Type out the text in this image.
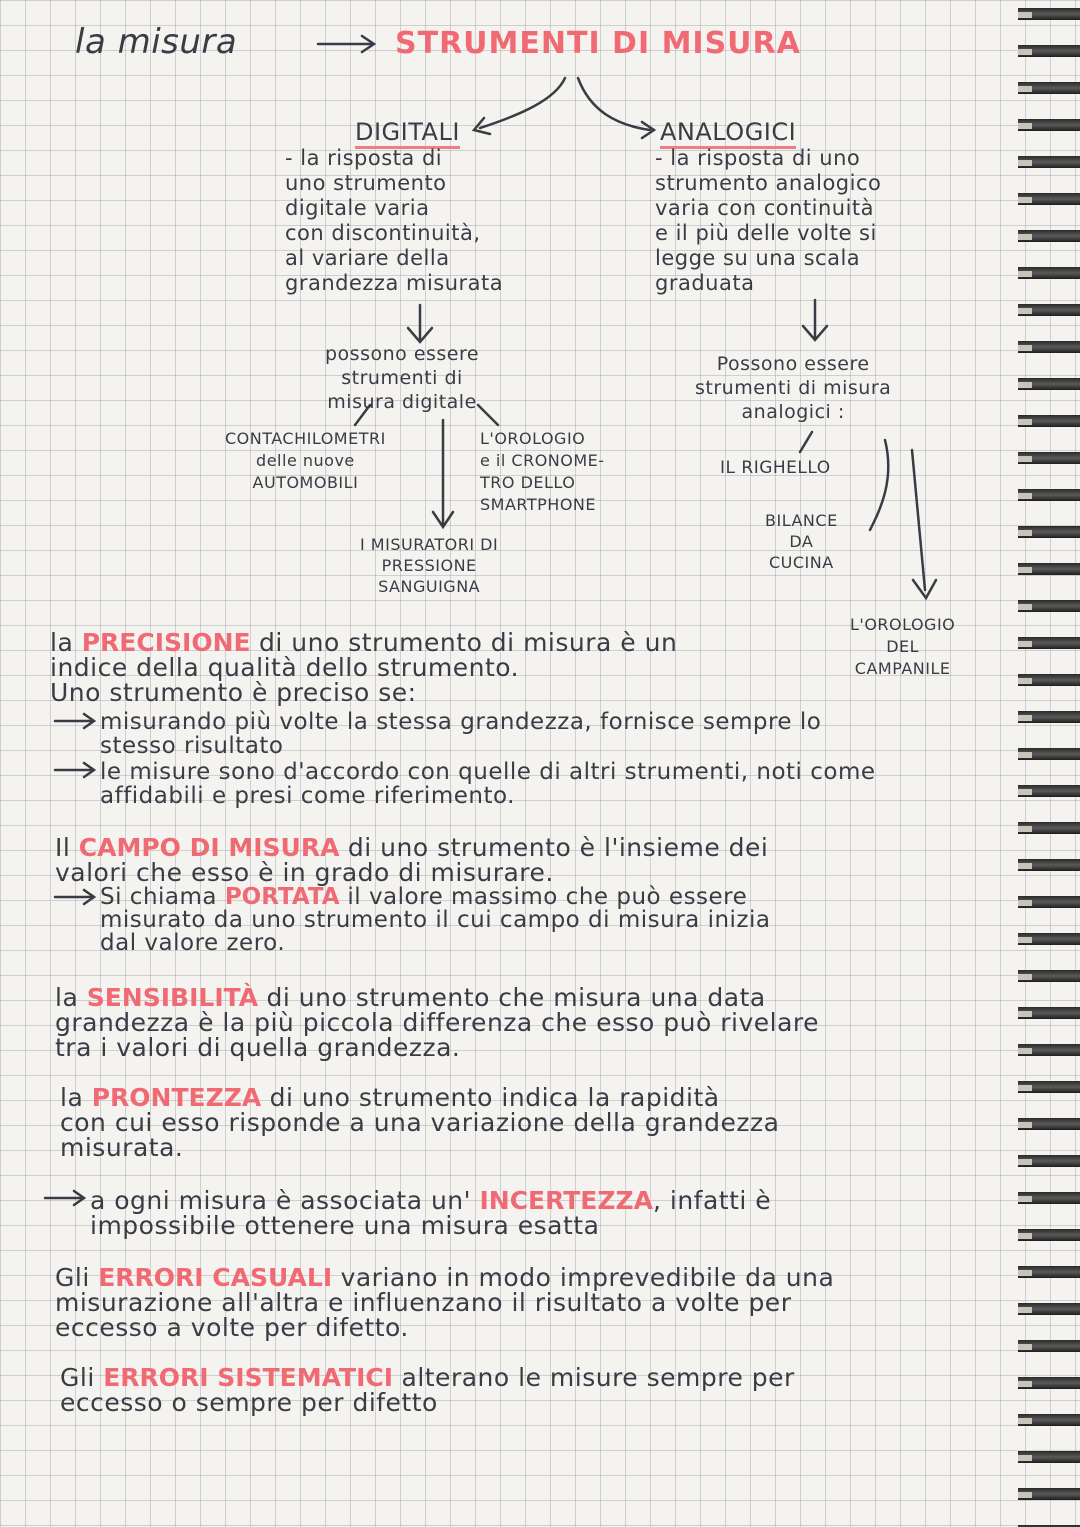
la misura	STRUMENTI DI MISURA
DIGITALI
- la risposta di
uno strumento
digitale varia
con discontinuità,
al variare della
grandezza misurata
possono essere
strumenti di
misura digitale
CONTACHILOMETRI
delle nuove
AUTOMOBILI
L'OROLOGIO
e il CRONOME-
TRO DELLO
SMARTPHONE
I MISURATORI DI
PRESSIONE
SANGUIGNA
ANALOGICI
- la risposta di uno
strumento analogico
varia con continuità
e il più delle volte si
legge su una scala
graduata
Possono essere
strumenti di misura
analogici :
IL RIGHELLO
BILANCE
DA
CUCINA
L'OROLOGIO
DEL
CAMPANILE
la PRECISIONE di uno strumento di misura è un
indice della qualità dello strumento.
Uno strumento è preciso se:
misurando più volte la stessa grandezza, fornisce sempre lo
stesso risultato
le misure sono d'accordo con quelle di altri strumenti, noti come
affidabili e presi come riferimento.
Il CAMPO DI MISURA di uno strumento è l'insieme dei
valori che esso è in grado di misurare.
Si chiama PORTATA il valore massimo che può essere
misurato da uno strumento il cui campo di misura inizia
dal valore zero.
la SENSIBILITÀ di uno strumento che misura una data
grandezza è la più piccola differenza che esso può rivelare
tra i valori di quella grandezza.
la PRONTEZZA di uno strumento indica la rapidità
con cui esso risponde a una variazione della grandezza
misurata.
a ogni misura è associata un' INCERTEZZA, infatti è
impossibile ottenere una misura esatta
Gli ERRORI CASUALI variano in modo imprevedibile da una
misurazione all'altra e influenzano il risultato a volte per
eccesso a volte per difetto.
Gli ERRORI SISTEMATICI alterano le misure sempre per
eccesso o sempre per difetto
